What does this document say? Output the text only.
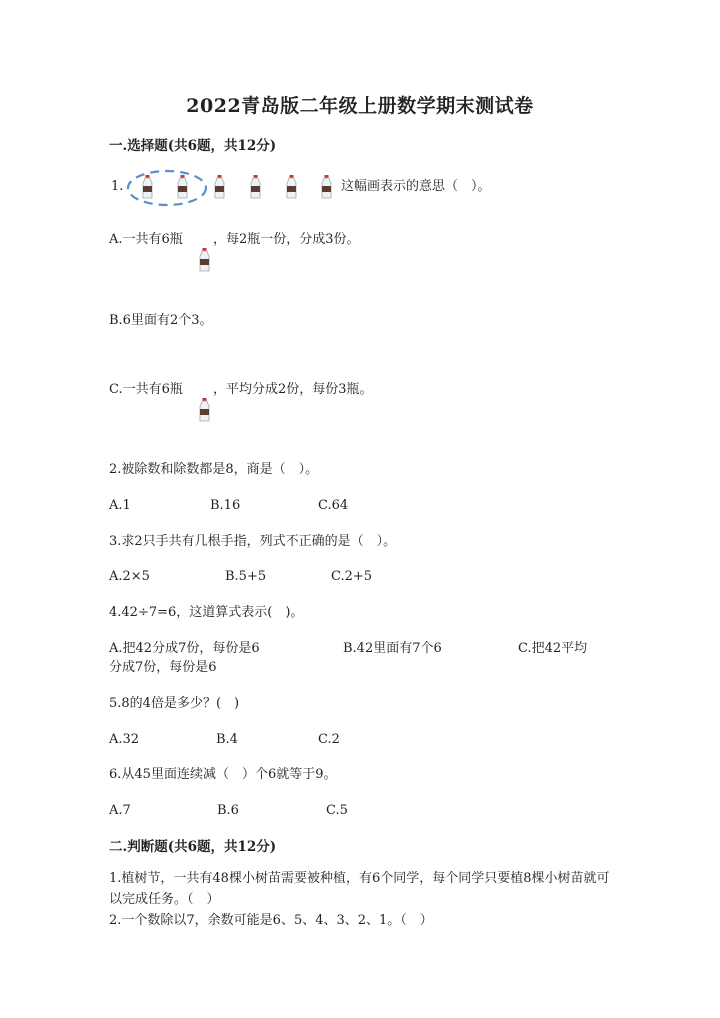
2022青岛版二年级上册数学期末测试卷
一.选择题(共6题，共12分)
1.	这幅画表示的意思（　）。
A.一共有6瓶 ，每2瓶一份，分成3份。
B.6里面有2个3。
C.一共有6瓶 ，平均分成2份，每份3瓶。
2.被除数和除数都是8，商是（　）。
A.1	B.16	C.64
3.求2只手共有几根手指，列式不正确的是（　）。
A.2×5	B.5+5	C.2+5
4.42÷7=6，这道算式表示(　)。
A.把42分成7份，每份是6	B.42里面有7个6	C.把42平均
分成7份，每份是6
5.8的4倍是多少？(　)
A.32	B.4	C.2
6.从45里面连续减（　）个6就等于9。
A.7	B.6	C.5
二.判断题(共6题，共12分)
1.植树节，一共有48棵小树苗需要被种植，有6个同学，每个同学只要植8棵小树苗就可以完成任务。（　）
2.一个数除以7，余数可能是6、5、4、3、2、1。（　）
